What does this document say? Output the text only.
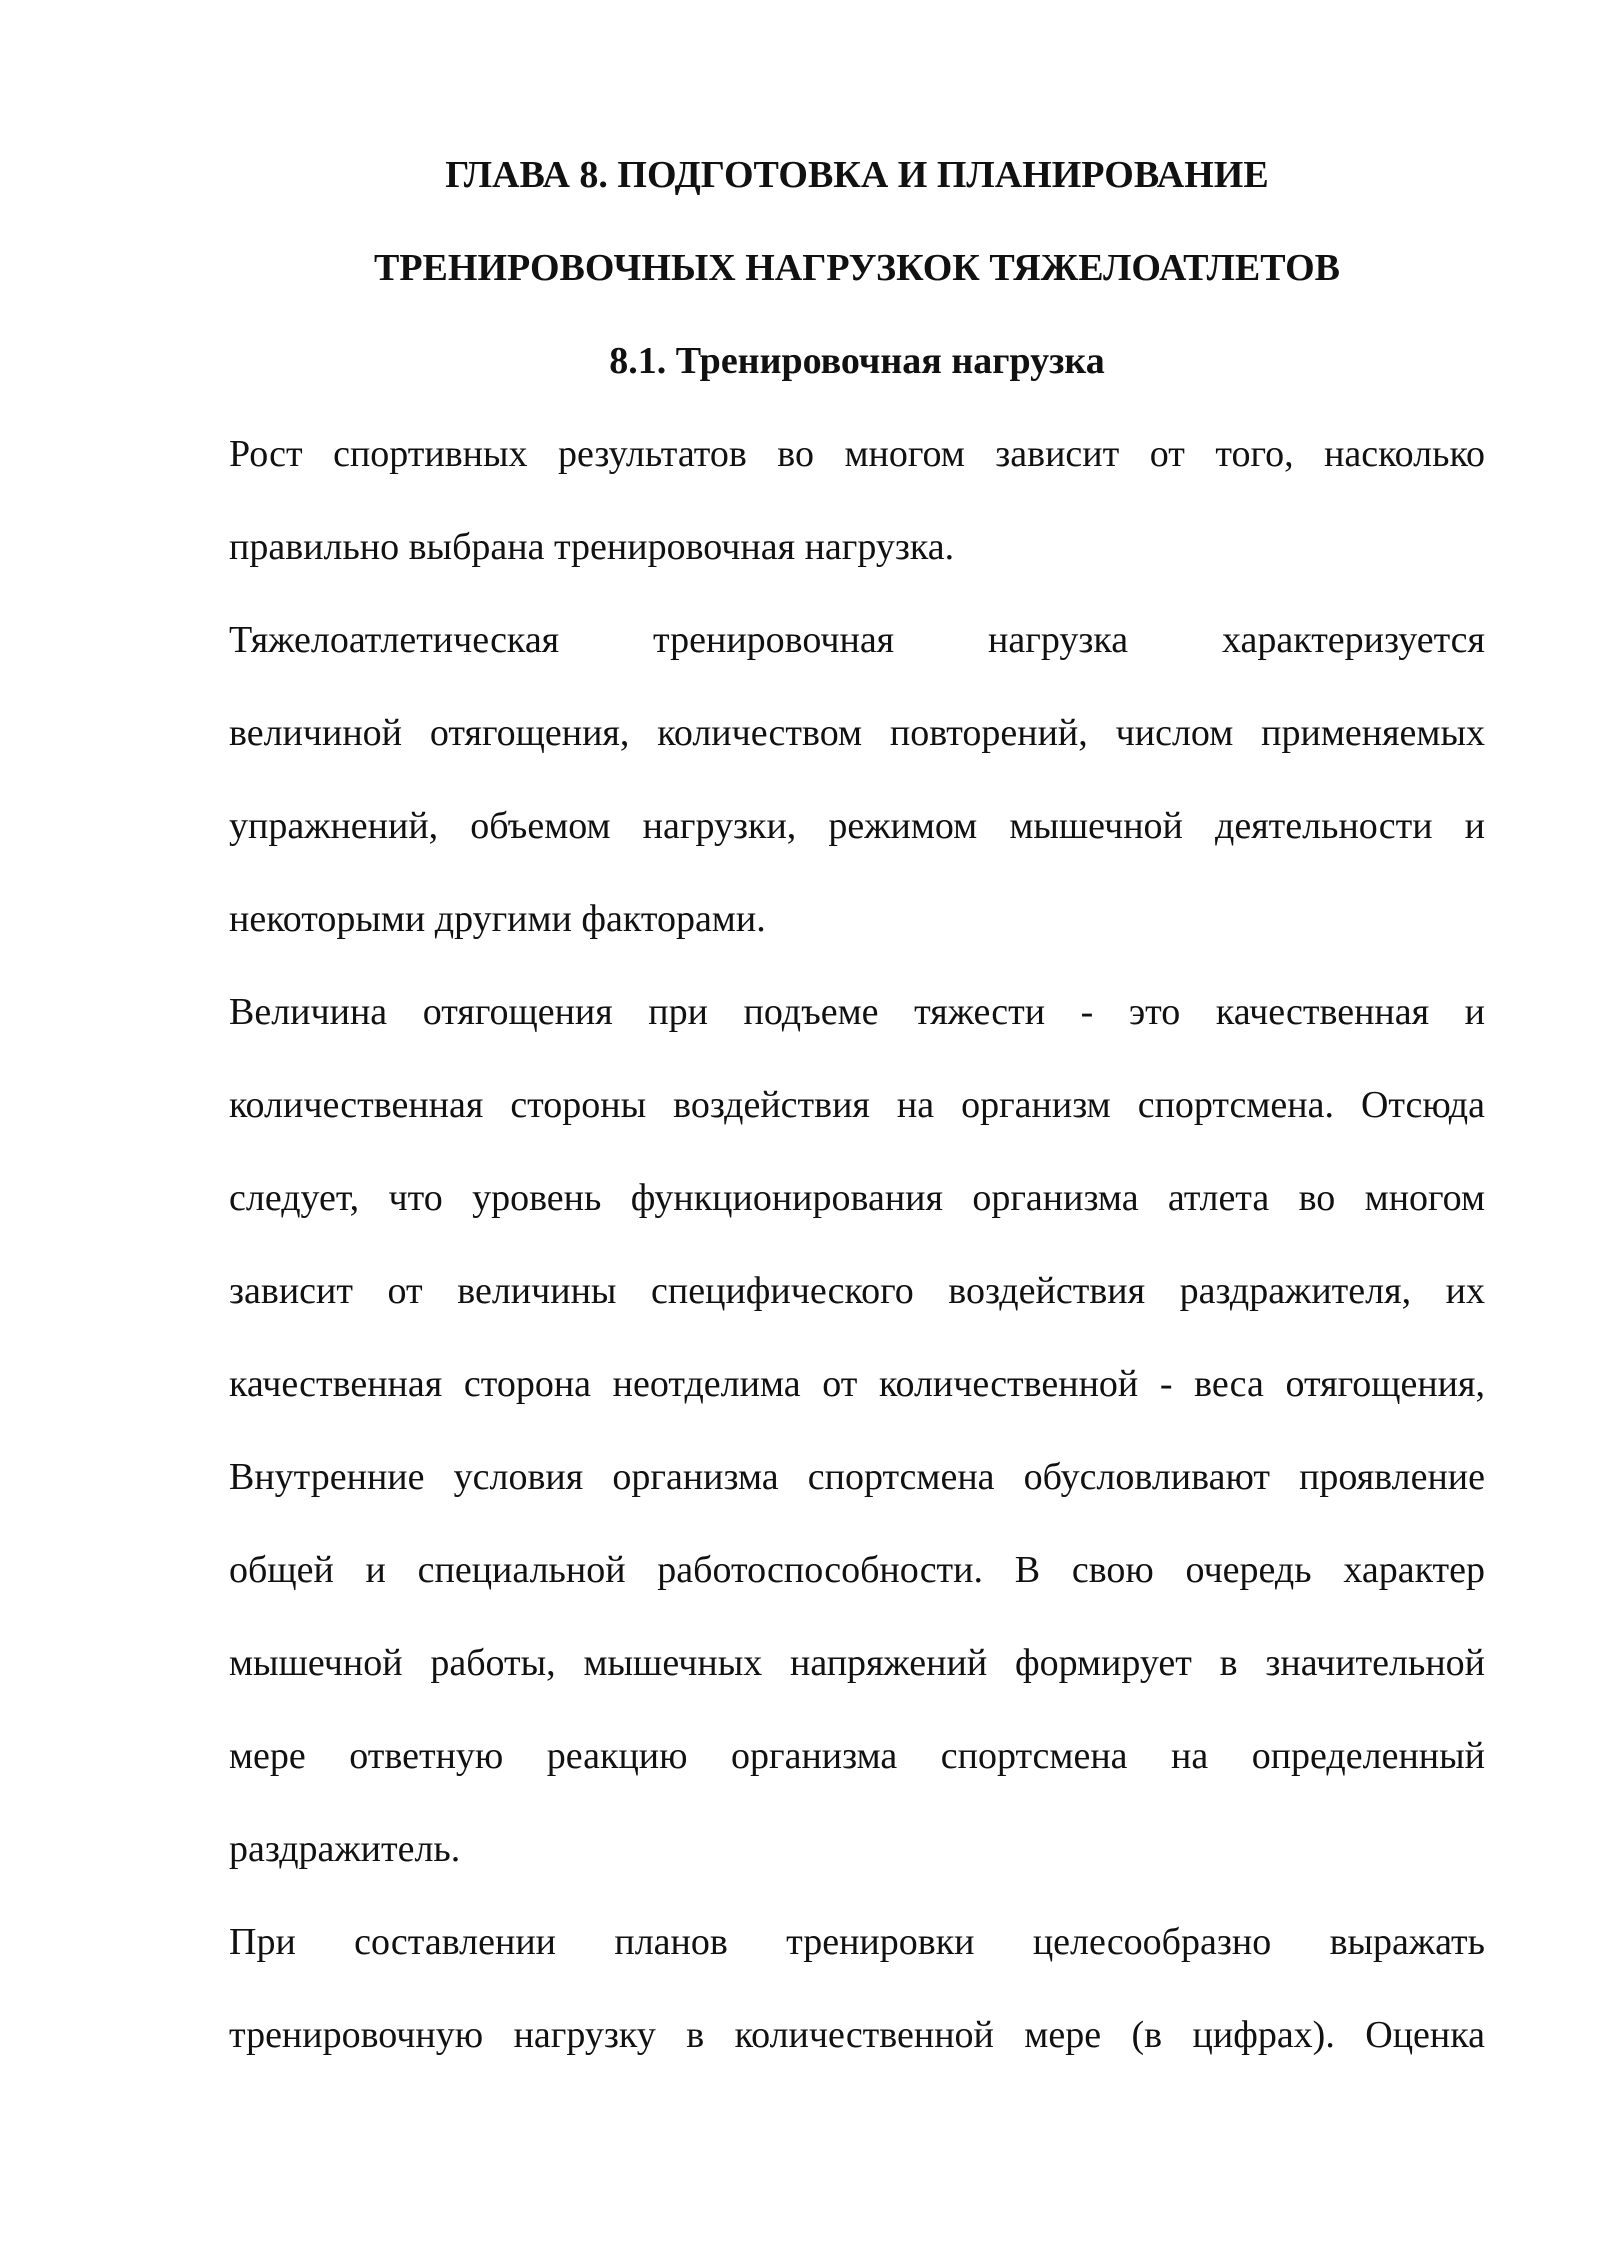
ГЛАВА 8. ПОДГОТОВКА И ПЛАНИРОВАНИЕ
ТРЕНИРОВОЧНЫХ НАГРУЗКОК ТЯЖЕЛОАТЛЕТОВ
8.1. Тренировочная нагрузка

Рост спортивных результатов во многом зависит от того, насколько

правильно выбрана тренировочная нагрузка.

Тяжелоатлетическая тренировочная нагрузка характеризуется

величиной отягощения, количеством повторений, числом применяемых

упражнений, объемом нагрузки, режимом мышечной деятельности и

некоторыми другими факторами.

Величина отягощения при подъеме тяжести - это качественная и

количественная стороны воздействия на организм спортсмена. Отсюда

следует, что уровень функционирования организма атлета во многом

зависит от величины специфического воздействия раздражителя, их

качественная сторона неотделима от количественной - веса отягощения,

Внутренние условия организма спортсмена обусловливают проявление

общей и специальной работоспособности. В свою очередь характер

мышечной работы, мышечных напряжений формирует в значительной

мере ответную реакцию организма спортсмена на определенный

раздражитель.

При составлении планов тренировки целесообразно выражать

тренировочную нагрузку в количественной мере (в цифрах). Оценка
